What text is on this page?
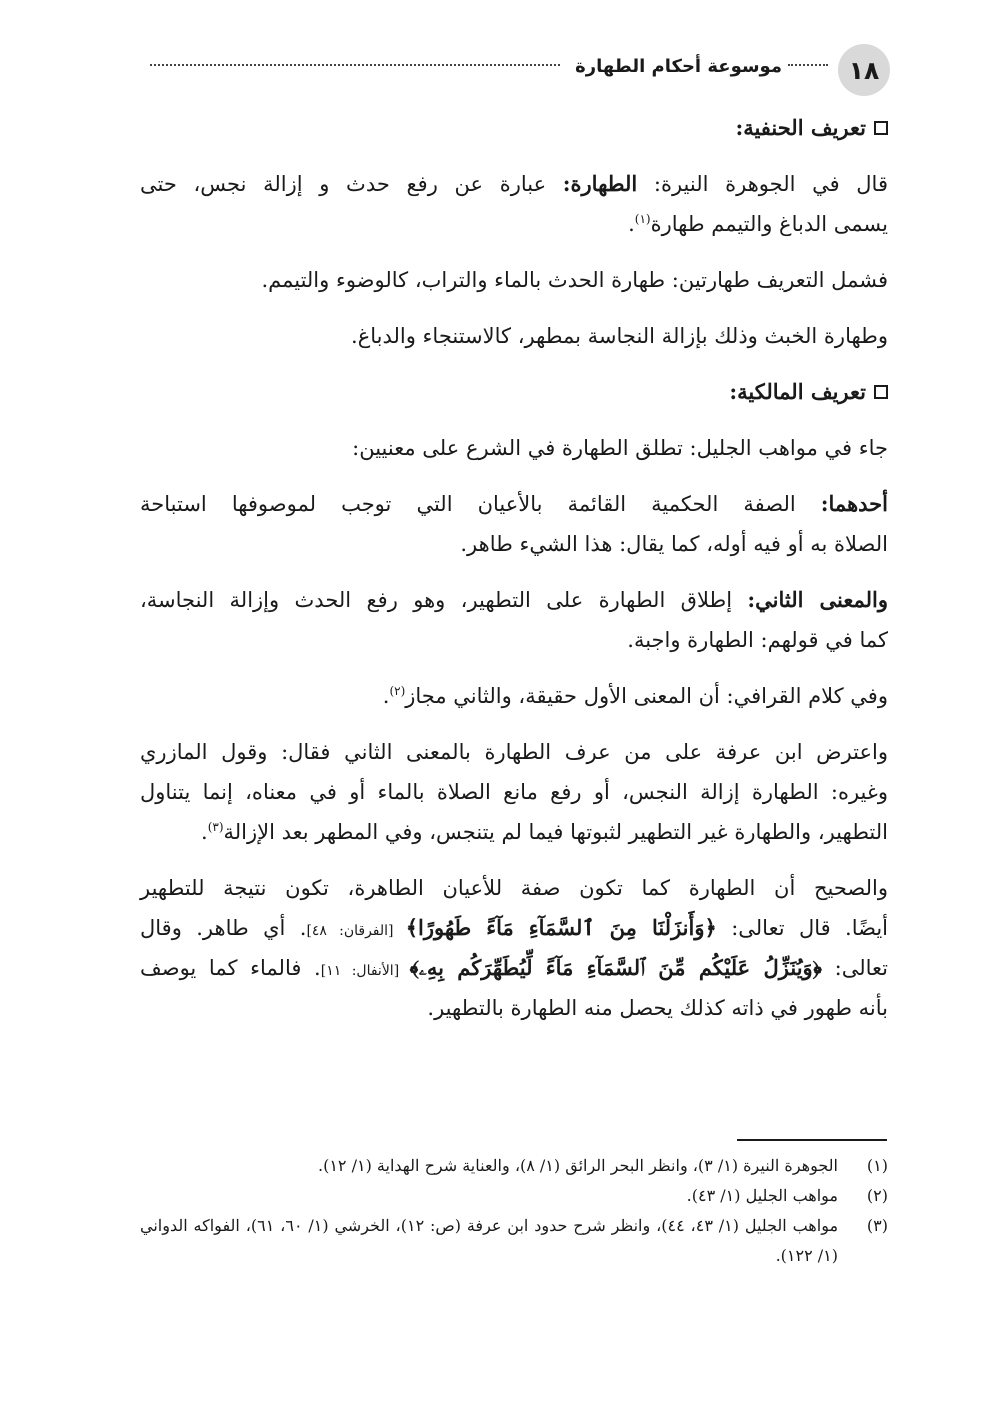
١٨
موسوعة أحكام الطهارة
تعريف الحنفية:
قال في الجوهرة النيرة: الطهارة: عبارة عن رفع حدث و إزالة نجس، حتى
يسمى الدباغ والتيمم طهارة$^{(١)}$.
فشمل التعريف طهارتين: طهارة الحدث بالماء والتراب، كالوضوء والتيمم.
وطهارة الخبث وذلك بإزالة النجاسة بمطهر، كالاستنجاء والدباغ.
تعريف المالكية:
جاء في مواهب الجليل: تطلق الطهارة في الشرع على معنيين:
أحدهما: الصفة الحكمية القائمة بالأعيان التي توجب لموصوفها استباحة
الصلاة به أو فيه أوله، كما يقال: هذا الشيء طاهر.
والمعنى الثاني: إطلاق الطهارة على التطهير، وهو رفع الحدث وإزالة النجاسة،
كما في قولهم: الطهارة واجبة.
وفي كلام القرافي: أن المعنى الأول حقيقة، والثاني مجاز$^{(٢)}$.
واعترض ابن عرفة على من عرف الطهارة بالمعنى الثاني فقال: وقول المازري
وغيره: الطهارة إزالة النجس، أو رفع مانع الصلاة بالماء أو في معناه، إنما يتناول
التطهير، والطهارة غير التطهير لثبوتها فيما لم يتنجس، وفي المطهر بعد الإزالة$^{(٣)}$.
والصحيح أن الطهارة كما تكون صفة للأعيان الطاهرة، تكون نتيجة للتطهير
أيضًا. قال تعالى: ﴿وَأَنزَلْنَا مِنَ ٱلسَّمَآءِ مَآءً طَهُورًا﴾ [الفرقان: ٤٨]. أي طاهر. وقال
تعالى: ﴿وَيُنَزِّلُ عَلَيْكُم مِّنَ ٱلسَّمَآءِ مَآءً لِّيُطَهِّرَكُم بِهِۦ﴾ [الأنفال: ١١]. فالماء كما يوصف
بأنه طهور في ذاته كذلك يحصل منه الطهارة بالتطهير.
(١)
الجوهرة النيرة (١/ ٣)، وانظر البحر الرائق (١/ ٨)، والعناية شرح الهداية (١/ ١٢).
(٢)
مواهب الجليل (١/ ٤٣).
(٣)
مواهب الجليل (١/ ٤٣، ٤٤)، وانظر شرح حدود ابن عرفة (ص: ١٢)، الخرشي (١/ ٦٠، ٦١)، الفواكه الدواني (١/ ١٢٢).
